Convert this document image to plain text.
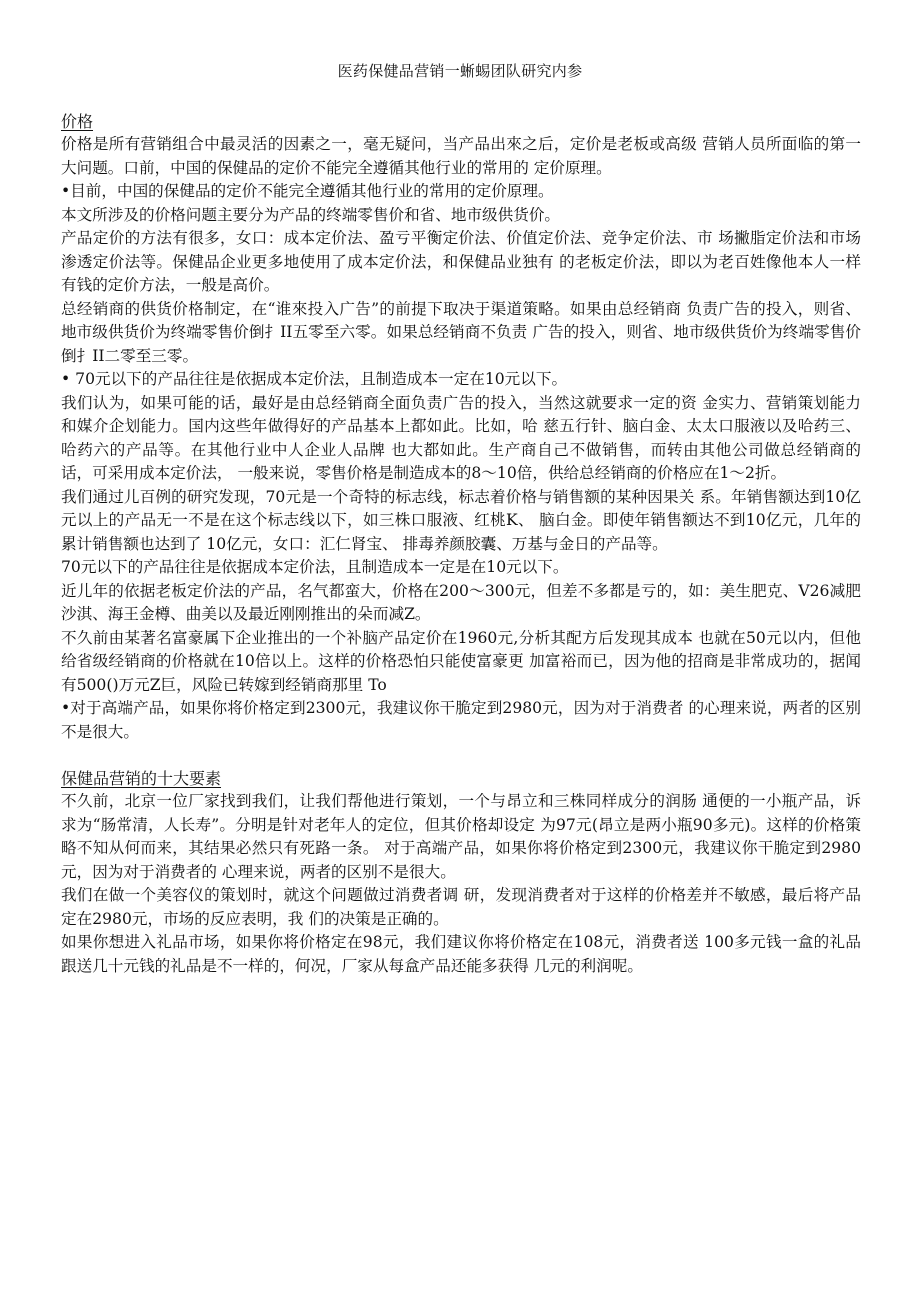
医药保健品营销一蜥蜴团队研究内参

价格

价格是所有营销组合中最灵活的因素之一，毫无疑问，当产品出來之后，定价是老板或高级 营销人员所面临的第一大问题。口前，中国的保健品的定价不能完全遵循其他行业的常用的 定价原理。

•目前，中国的保健品的定价不能完全遵循其他行业的常用的定价原理。

本文所涉及的价格问题主要分为产品的终端零售价和省、地市级供货价。

产品定价的方法有很多，女口：成本定价法、盈亏平衡定价法、价值定价法、竞争定价法、市 场撇脂定价法和市场渗透定价法等。保健品企业更多地使用了成本定价法，和保健品业独有 的老板定价法，即以为老百姓像他本人一样有钱的定价方法，一般是高价。

总经销商的供货价格制定，在“谁來投入广告”的前提下取决于渠道策略。如果由总经销商 负责广告的投入，则省、地市级供货价为终端零售价倒扌II五零至六零。如果总经销商不负责 广告的投入，则省、地市级供货价为终端零售价倒扌II二零至三零。

• 70元以下的产品往往是依据成本定价法，且制造成本一定在10元以下。

我们认为，如果可能的话，最好是由总经销商全面负责广告的投入，当然这就要求一定的资 金实力、营销策划能力和媒介企划能力。国内这些年做得好的产品基本上都如此。比如，哈 慈五行针、脑白金、太太口服液以及哈药三、哈药六的产品等。在其他行业中人企业人品牌 也大都如此。生产商自己不做销售，而转由其他公司做总经销商的话，可采用成本定价法， 一般来说，零售价格是制造成本的8～10倍，供给总经销商的价格应在1～2折。

我们通过儿百例的研究发现，70元是一个奇特的标志线，标志着价格与销售额的某种因果关 系。年销售额达到10亿元以上的产品无一不是在这个标志线以下，如三株口服液、红桃K、 脑白金。即使年销售额达不到10亿元，几年的累计销售额也达到了 10亿元，女口：汇仁肾宝、 排毒养颜胶囊、万基与金日的产品等。

70元以下的产品往往是依据成本定价法，且制造成本一定是在10元以下。

近儿年的依据老板定价法的产品，名气都蛮大，价格在200～300元，但差不多都是亏的，如：美生肥克、V26减肥沙淇、海王金樽、曲美以及最近刚刚推出的朵而减Z。

不久前由某著名富豪属下企业推出的一个补脑产品定价在1960元,分析其配方后发现其成本 也就在50元以内，但他给省级经销商的价格就在10倍以上。这样的价格恐怕只能使富豪更 加富裕而已，因为他的招商是非常成功的，据闻有500()万元Z巨，风险已转嫁到经销商那里 To

•对于高端产品，如果你将价格定到2300元，我建议你干脆定到2980元，因为对于消费者 的心理来说，两者的区别不是很大。

保健品营销的十大要素

不久前，北京一位厂家找到我们，让我们帮他进行策划，一个与昂立和三株同样成分的润肠 通便的一小瓶产品，诉求为“肠常清，人长寿”。分明是针对老年人的定位，但其价格却设定 为97元(昂立是两小瓶90多元)。这样的价格策略不知从何而来，其结果必然只有死路一条。 对于高端产品，如果你将价格定到2300元，我建议你干脆定到2980元，因为对于消费者的 心理来说，两者的区别不是很大。

我们在做一个美容仪的策划时，就这个问题做过消费者调 研，发现消费者对于这样的价格差并不敏感，最后将产品定在2980元，市场的反应表明，我 们的决策是正确的。

如果你想进入礼品市场，如果你将价格定在98元，我们建议你将价格定在108元，消费者送 100多元钱一盒的礼品跟送几十元钱的礼品是不一样的，何况，厂家从每盒产品还能多获得 几元的利润呢。
